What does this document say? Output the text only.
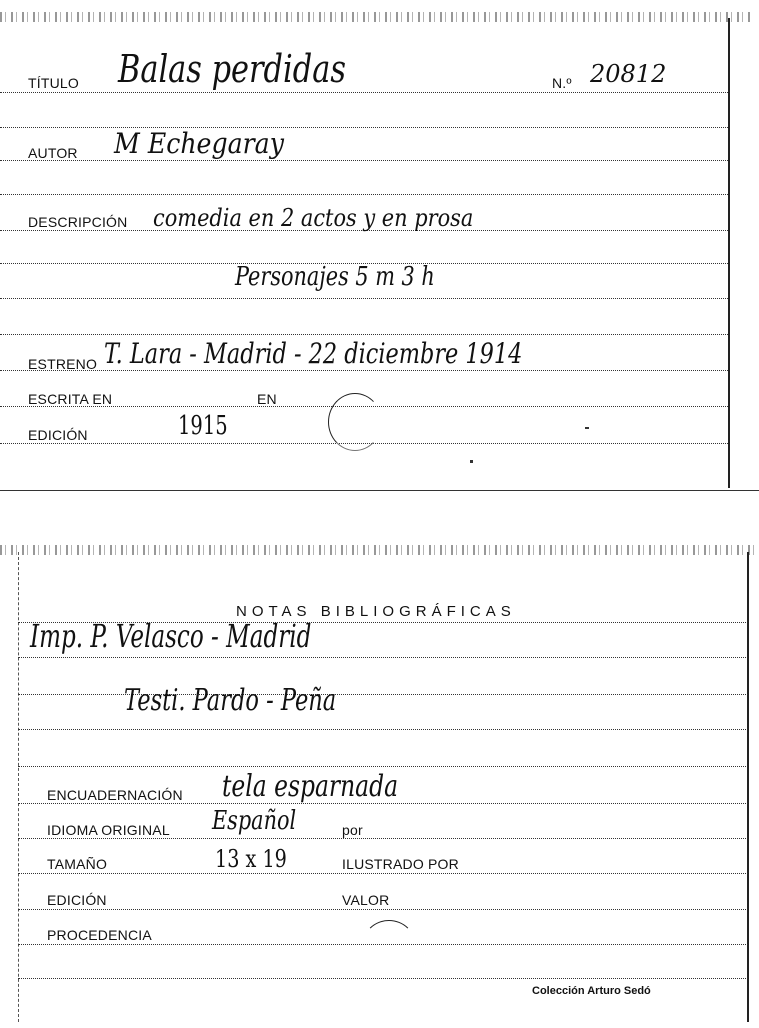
TÍTULO Balas perdidas	N.º 20812
AUTOR M Echegaray
DESCRIPCIÓN comedia en 2 actos y en prosa
Personajes 5 m 3 h
ESTRENO T. Lara - Madrid - 22 diciembre 1914
ESCRITA EN	EN
EDICIÓN	1915
NOTAS BIBLIOGRÁFICAS
Imp. P. Velasco - Madrid
Testi. Pardo - Peña
ENCUADERNACIÓN tela esparnada
IDIOMA ORIGINAL Español	por
TAMAÑO	13 x 19	ILUSTRADO POR
EDICIÓN	VALOR
PROCEDENCIA
Colección Arturo Sedó
